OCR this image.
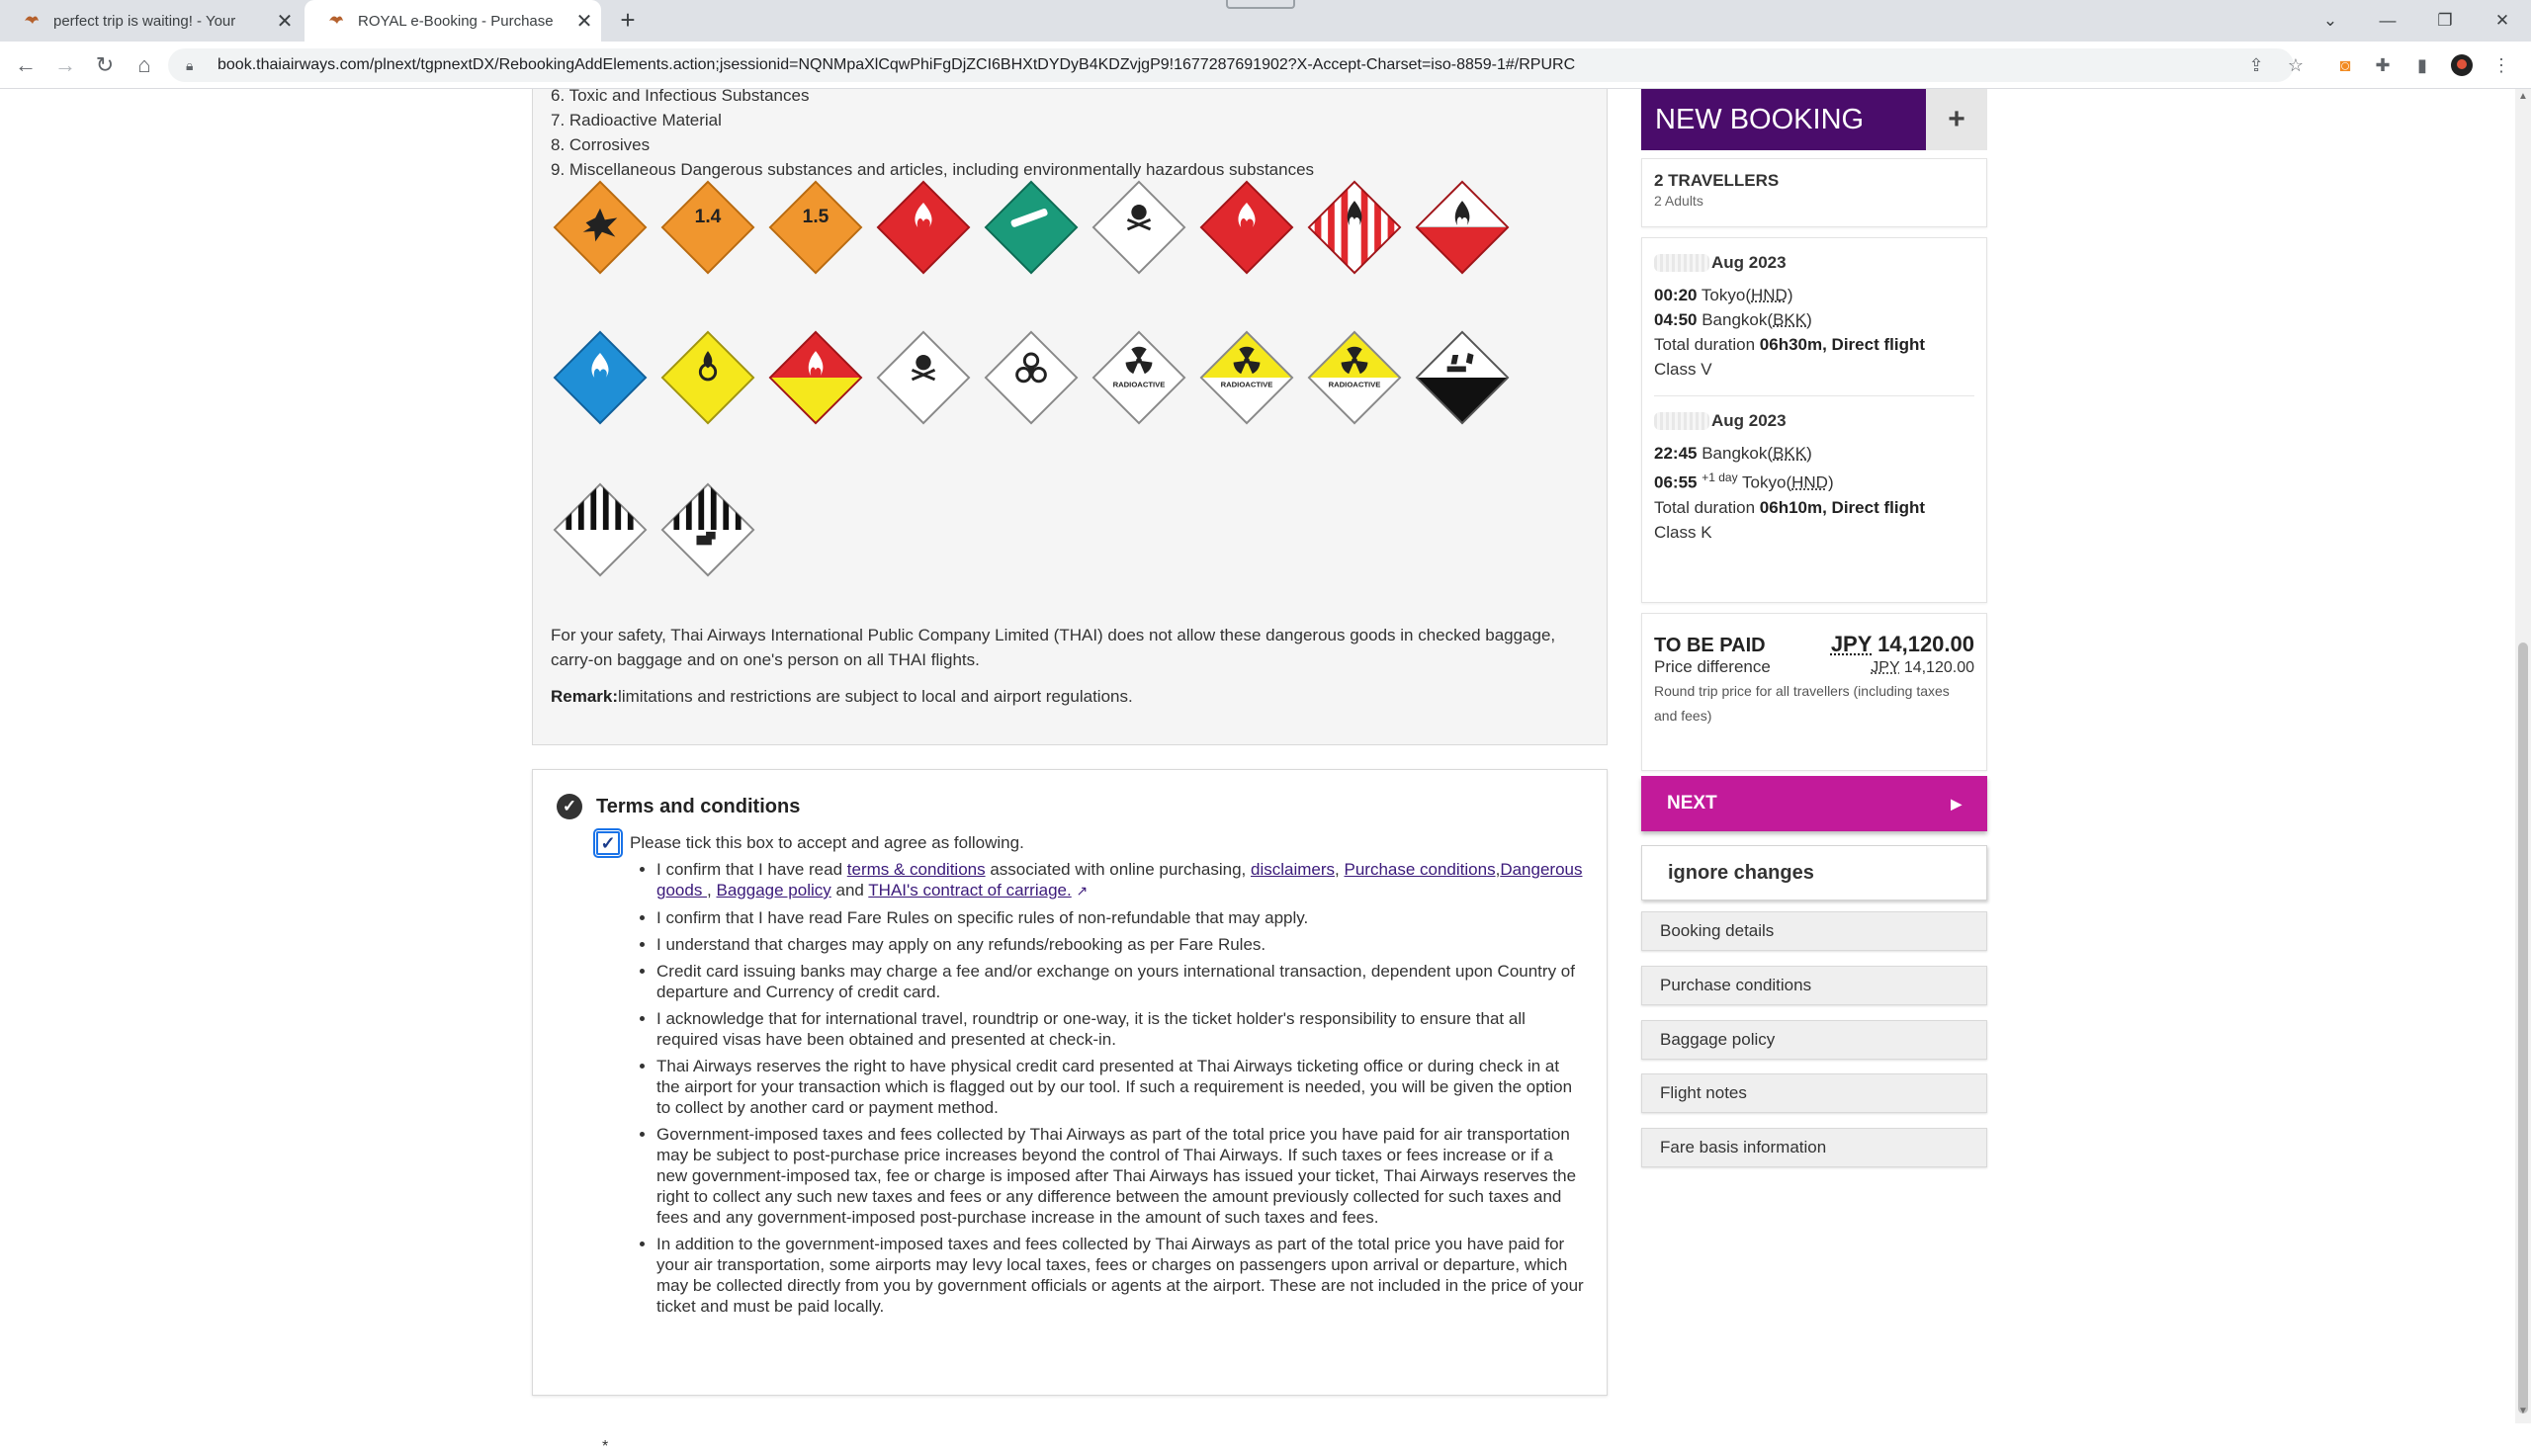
perfect trip is waiting! - Your	✕	ROYAL e-Booking - Purchase	✕	+	⌄	—	❐	✕
← → ↻	⌂	🔒︎	book.thaiairways.com/plnext/tgpnextDX/RebookingAddElements.action;jsessionid=NQNMpaXlCqwPhiFgDjZCI6BHXtDYDyB4KDZvjgP9!1677287691902?X-Accept-Charset=iso-8859-1#/RPURC	⇪ ☆	◙	✚	▮	⋮
6. Toxic and Infectious Substances
7. Radioactive Material
8. Corrosives
9. Miscellaneous Dangerous substances and articles, including environmentally hazardous substances
1.4	1.5
RADIOACTIVE	RADIOACTIVE	RADIOACTIVE
For your safety, Thai Airways International Public Company Limited (THAI) does not allow these dangerous goods in checked baggage, carry-on baggage and on one's person on all THAI flights.
Remark:limitations and restrictions are subject to local and airport regulations.
✓ Terms and conditions
✓ Please tick this box to accept and agree as following.
• I confirm that I have read terms & conditions associated with online purchasing, disclaimers, Purchase conditions,Dangerous goods , Baggage policy and THAI's contract of carriage. ↗
• I confirm that I have read Fare Rules on specific rules of non-refundable that may apply.
• I understand that charges may apply on any refunds/rebooking as per Fare Rules.
• Credit card issuing banks may charge a fee and/or exchange on yours international transaction, dependent upon Country of departure and Currency of credit card.
• I acknowledge that for international travel, roundtrip or one-way, it is the ticket holder's responsibility to ensure that all required visas have been obtained and presented at check-in.
• Thai Airways reserves the right to have physical credit card presented at Thai Airways ticketing office or during check in at the airport for your transaction which is flagged out by our tool. If such a requirement is needed, you will be given the option to collect by another card or payment method.
• Government-imposed taxes and fees collected by Thai Airways as part of the total price you have paid for air transportation may be subject to post-purchase price increases beyond the control of Thai Airways. If such taxes or fees increase or if a new government-imposed tax, fee or charge is imposed after Thai Airways has issued your ticket, Thai Airways reserves the right to collect any such new taxes and fees or any difference between the amount previously collected for such taxes and fees and any government-imposed post-purchase increase in the amount of such taxes and fees.
• In addition to the government-imposed taxes and fees collected by Thai Airways as part of the total price you have paid for your air transportation, some airports may levy local taxes, fees or charges on passengers upon arrival or departure, which may be collected directly from you by government officials or agents at the airport. These are not included in the price of your ticket and must be paid locally.
*
NEW BOOKING	+
2 TRAVELLERS
2 Adults
Aug 2023
00:20 Tokyo(HND)
04:50 Bangkok(BKK)
Total duration 06h30m, Direct flight
Class V
Aug 2023
22:45 Bangkok(BKK)
06:55 $^{+1 day}$ Tokyo(HND)
Total duration 06h10m, Direct flight
Class K
TO BE PAID	JPY 14,120.00
Price difference	JPY 14,120.00
Round trip price for all travellers (including taxes and fees)
NEXT	▶
ignore changes
Booking details
Purchase conditions
Baggage policy
Flight notes
Fare basis information
▲
▼
